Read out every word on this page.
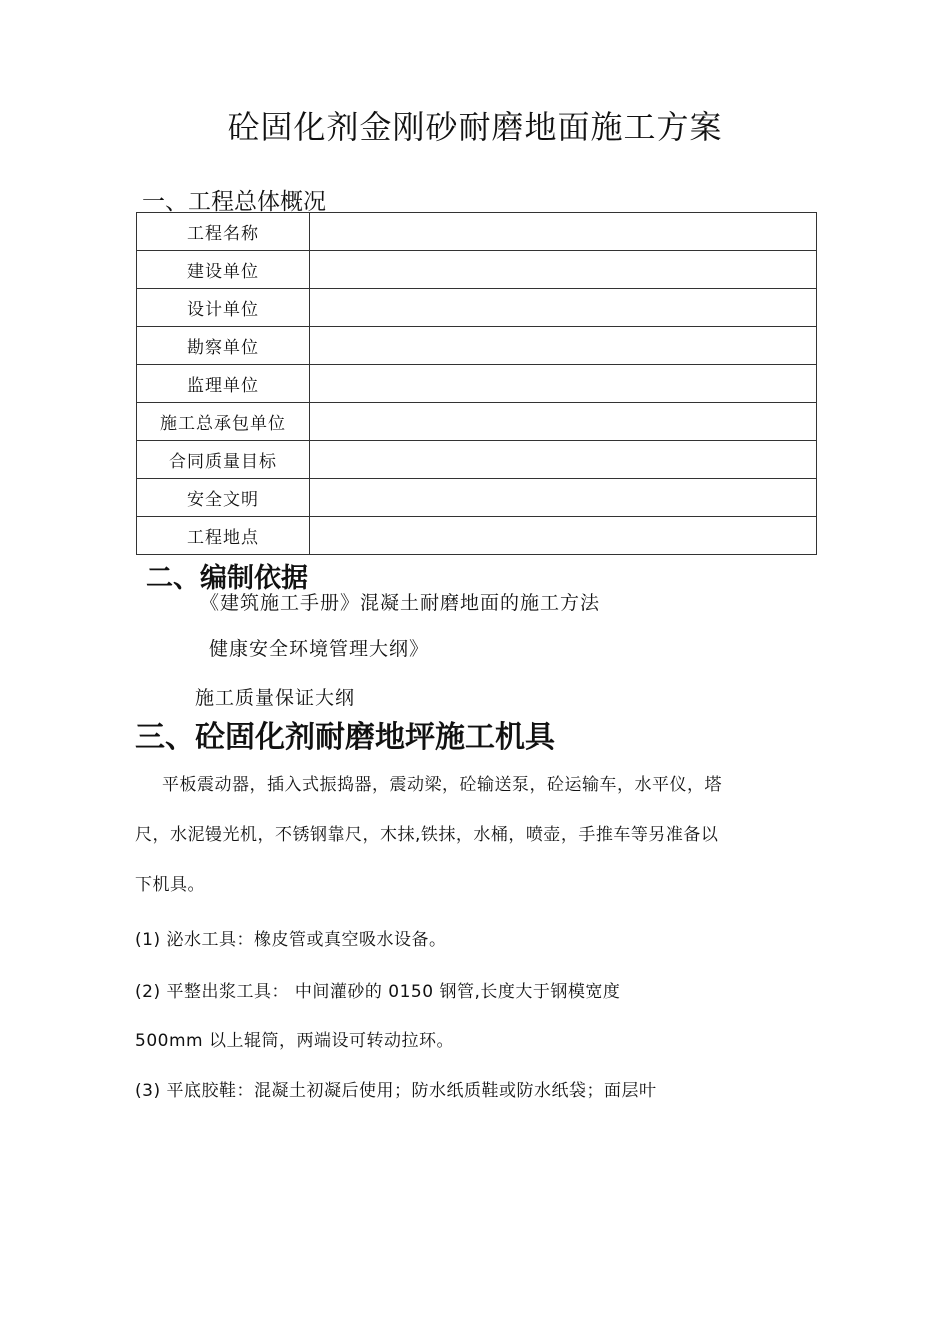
砼固化剂金刚砂耐磨地面施工方案
一、工程总体概况
工程名称	
建设单位	
设计单位	
勘察单位	
监理单位	
施工总承包单位	
合同质量目标	
安全文明	
工程地点	
二、编制依据
《建筑施工手册》混凝土耐磨地面的施工方法
健康安全环境管理大纲》
施工质量保证大纲
三、砼固化剂耐磨地坪施工机具
平板震动器，插入式振捣器，震动梁，砼输送泵，砼运输车，水平仪，塔
尺，水泥镘光机，不锈钢靠尺，木抹,铁抹，水桶，喷壶，手推车等另准备以
下机具。
(1) 泌水工具：橡皮管或真空吸水设备。
(2) 平整出浆工具： 中间灌砂的 0150 钢管,长度大于钢模宽度
500mm 以上辊筒，两端设可转动拉环。
(3) 平底胶鞋：混凝土初凝后使用；防水纸质鞋或防水纸袋；面层叶
